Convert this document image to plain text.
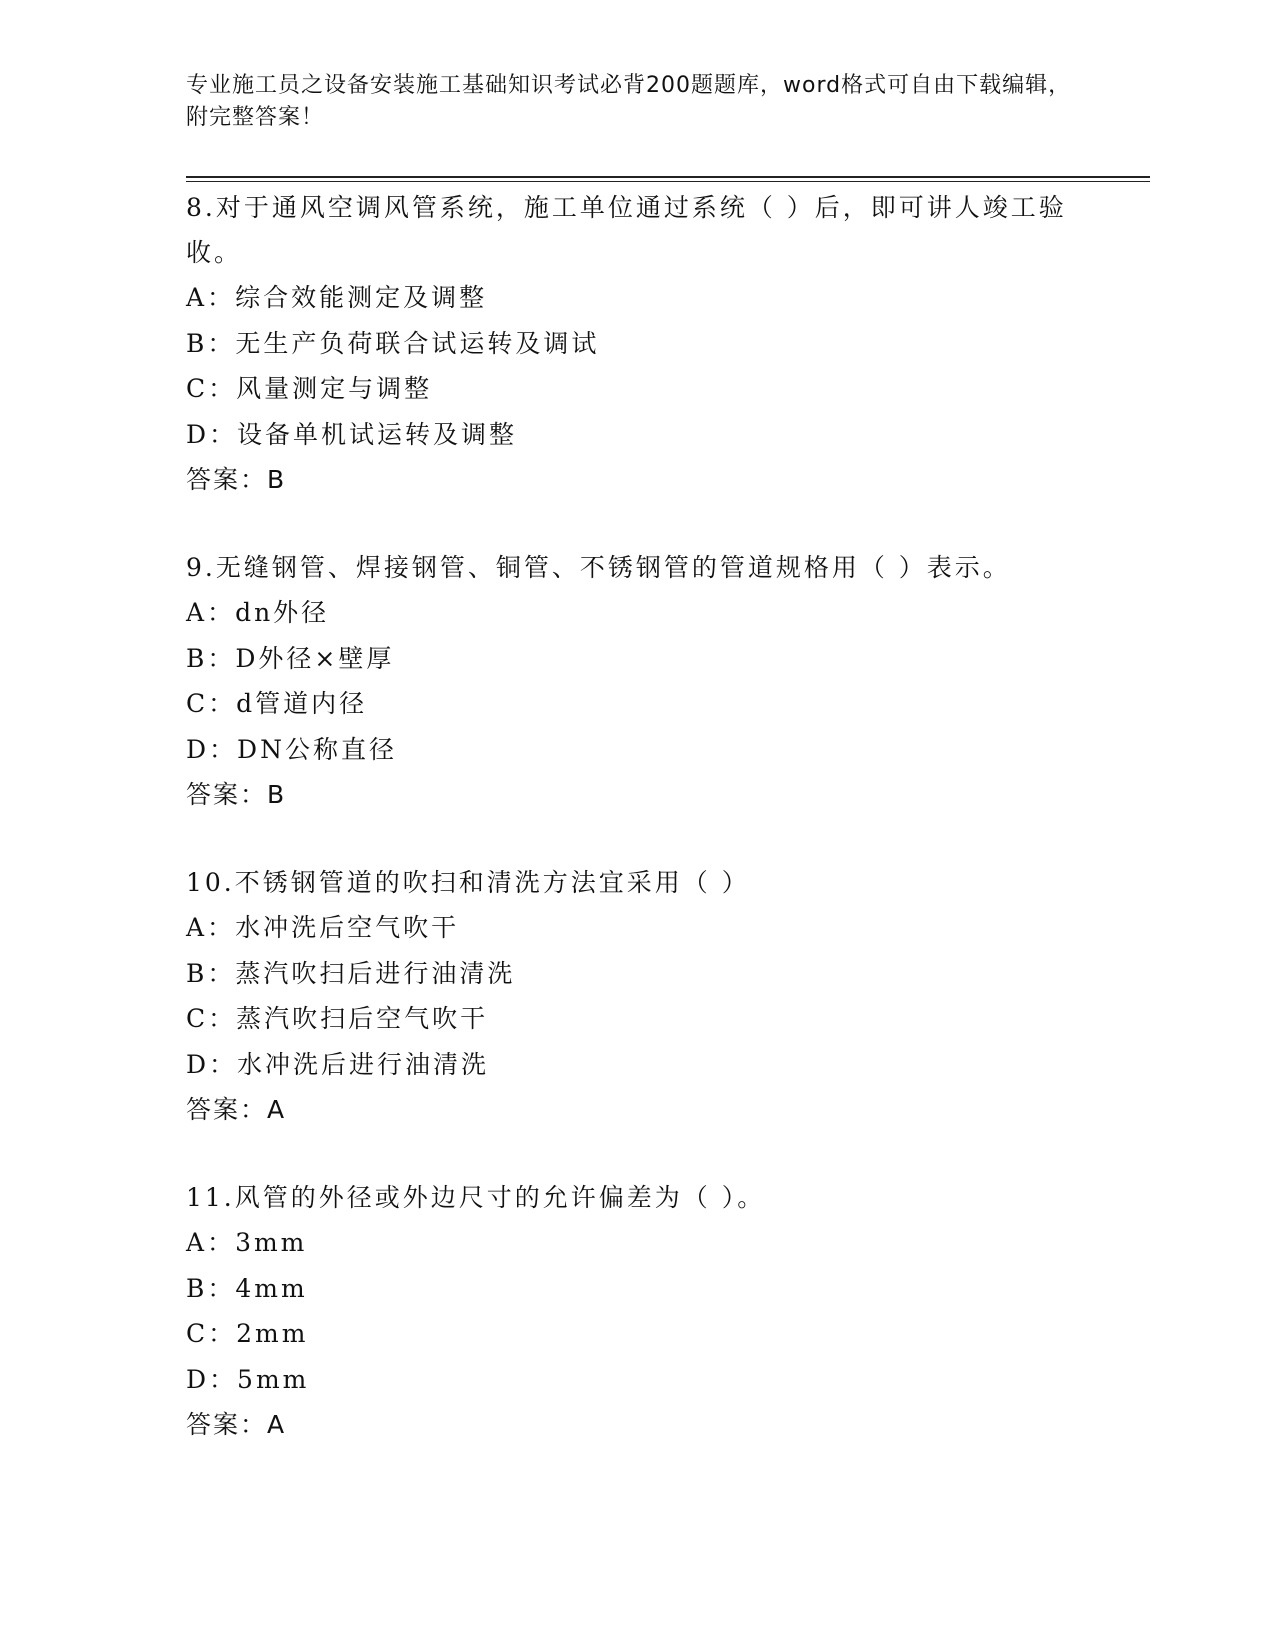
专业施工员之设备安装施工基础知识考试必背200题题库，word格式可自由下载编辑，附完整答案！

8.对于通风空调风管系统，施工单位通过系统（ ）后，即可讲人竣工验收。

A：综合效能测定及调整

B：无生产负荷联合试运转及调试

C：风量测定与调整

D：设备单机试运转及调整

答案：B

9.无缝钢管、焊接钢管、铜管、不锈钢管的管道规格用（ ）表示。

A：dn外径

B：D外径×壁厚

C：d管道内径

D：DN公称直径

答案：B

10.不锈钢管道的吹扫和清洗方法宜采用（ ）

A：水冲洗后空气吹干

B：蒸汽吹扫后进行油清洗

C：蒸汽吹扫后空气吹干

D：水冲洗后进行油清洗

答案：A

11.风管的外径或外边尺寸的允许偏差为（ ）。

A：3mm

B：4mm

C：2mm

D：5mm

答案：A
